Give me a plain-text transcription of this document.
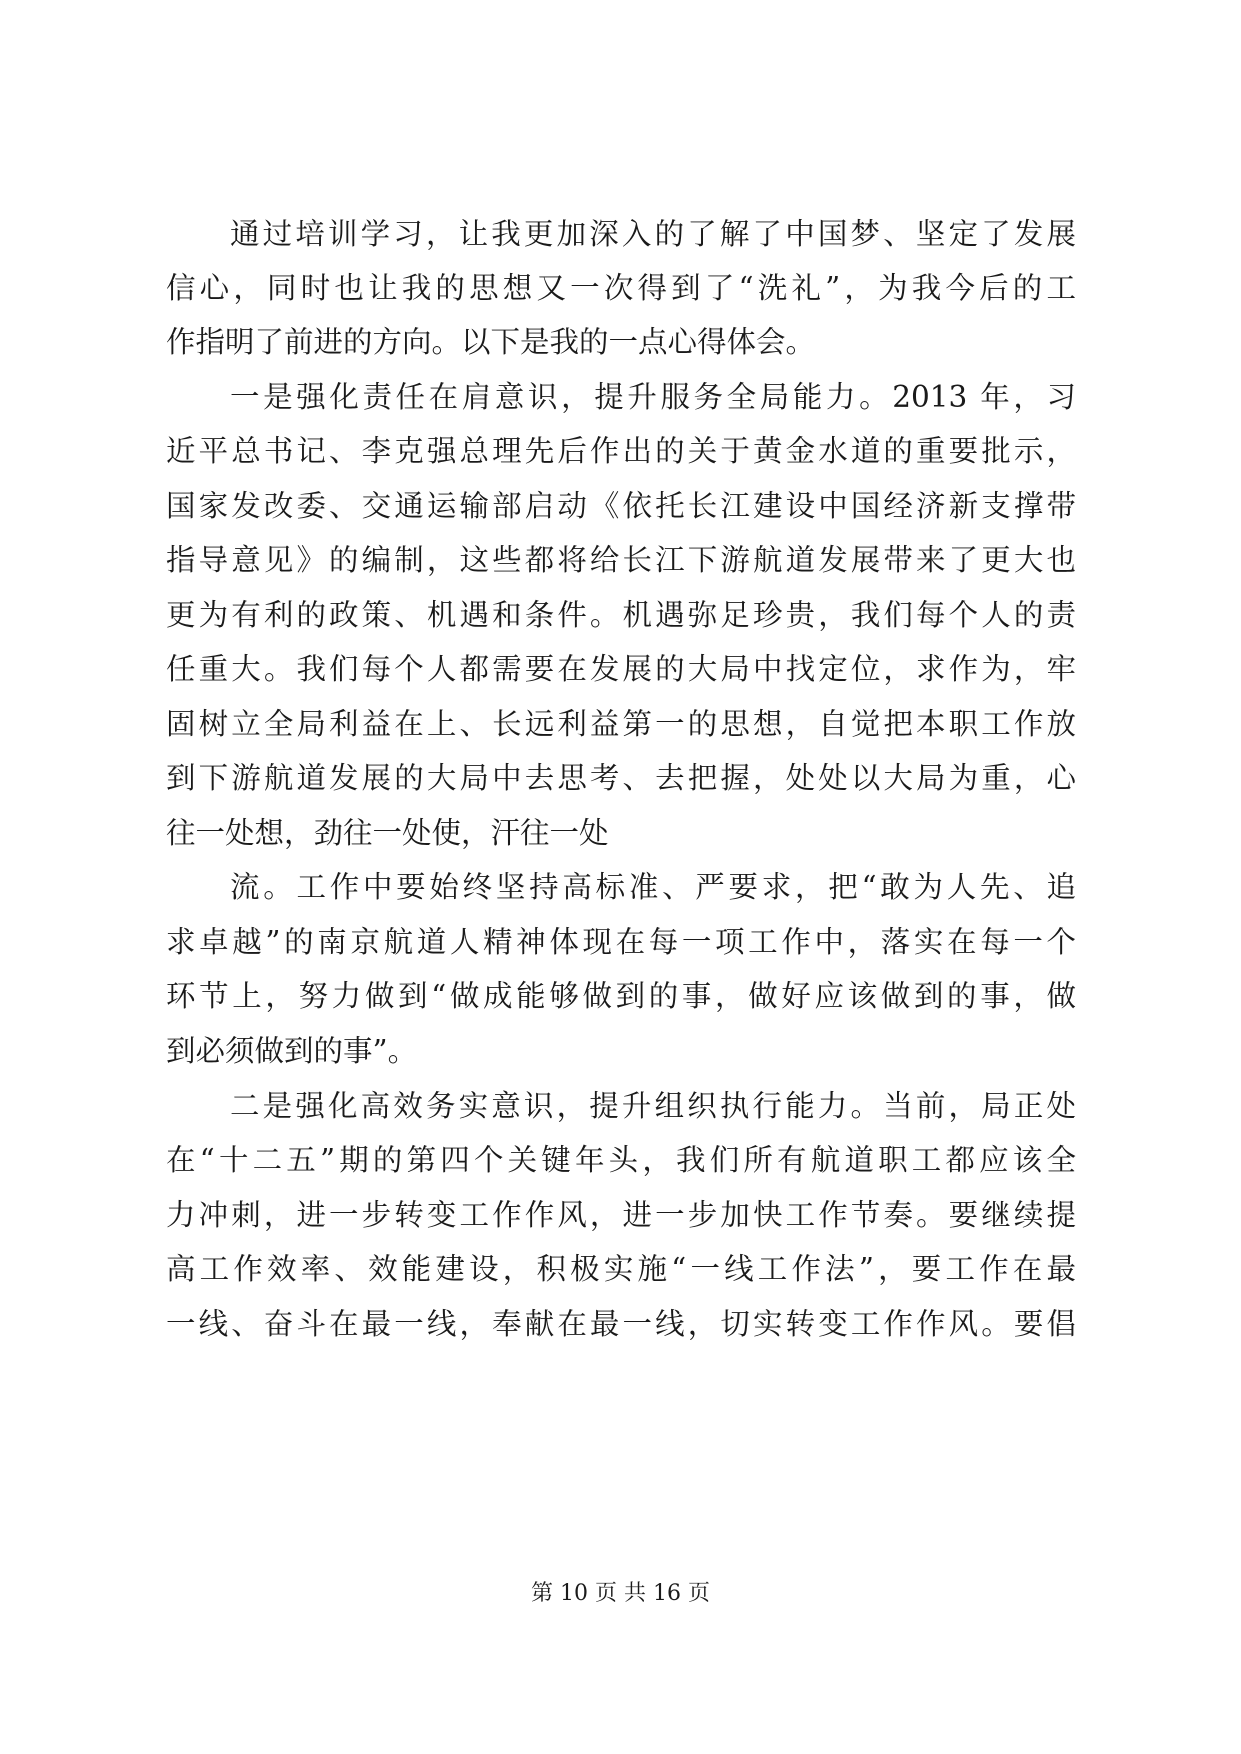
通过培训学习，让我更加深入的了解了中国梦、坚定了发展
信心，同时也让我的思想又一次得到了“洗礼”，为我今后的工
作指明了前进的方向。以下是我的一点心得体会。
一是强化责任在肩意识，提升服务全局能力。2013 年，习
近平总书记、李克强总理先后作出的关于黄金水道的重要批示，
国家发改委、交通运输部启动《依托长江建设中国经济新支撑带
指导意见》的编制，这些都将给长江下游航道发展带来了更大也
更为有利的政策、机遇和条件。机遇弥足珍贵，我们每个人的责
任重大。我们每个人都需要在发展的大局中找定位，求作为，牢
固树立全局利益在上、长远利益第一的思想，自觉把本职工作放
到下游航道发展的大局中去思考、去把握，处处以大局为重，心
往一处想，劲往一处使，汗往一处
流。工作中要始终坚持高标准、严要求，把“敢为人先、追
求卓越”的南京航道人精神体现在每一项工作中，落实在每一个
环节上，努力做到“做成能够做到的事，做好应该做到的事，做
到必须做到的事”。
二是强化高效务实意识，提升组织执行能力。当前，局正处
在“十二五”期的第四个关键年头，我们所有航道职工都应该全
力冲刺，进一步转变工作作风，进一步加快工作节奏。要继续提
高工作效率、效能建设，积极实施“一线工作法”，要工作在最
一线、奋斗在最一线，奉献在最一线，切实转变工作作风。要倡
第 10 页 共 16 页
